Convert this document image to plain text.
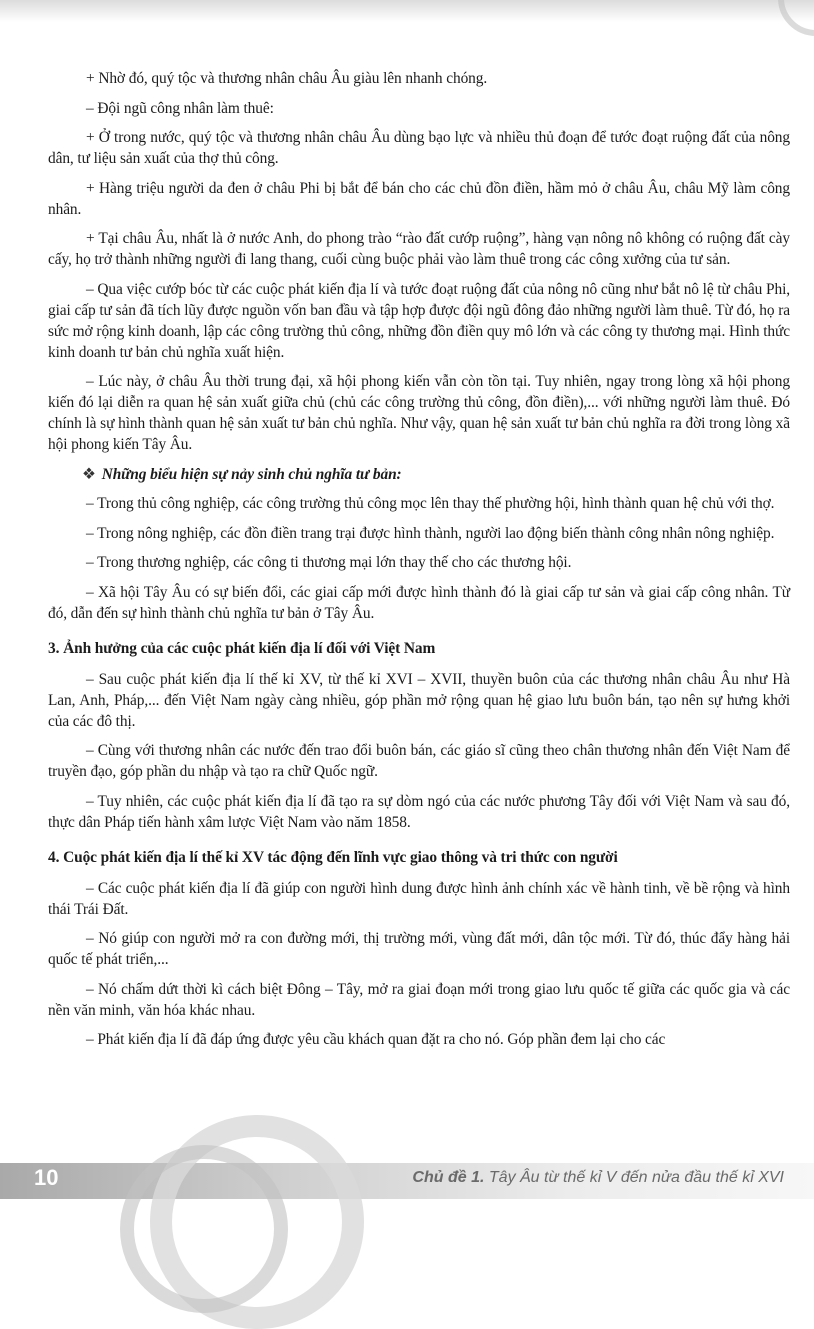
+ Nhờ đó, quý tộc và thương nhân châu Âu giàu lên nhanh chóng.

– Đội ngũ công nhân làm thuê:

+ Ở trong nước, quý tộc và thương nhân châu Âu dùng bạo lực và nhiều thủ đoạn để tước đoạt ruộng đất của nông dân, tư liệu sản xuất của thợ thủ công.

+ Hàng triệu người da đen ở châu Phi bị bắt để bán cho các chủ đồn điền, hầm mỏ ở châu Âu, châu Mỹ làm công nhân.

+ Tại châu Âu, nhất là ở nước Anh, do phong trào “rào đất cướp ruộng”, hàng vạn nông nô không có ruộng đất cày cấy, họ trở thành những người đi lang thang, cuối cùng buộc phải vào làm thuê trong các công xưởng của tư sản.

– Qua việc cướp bóc từ các cuộc phát kiến địa lí và tước đoạt ruộng đất của nông nô cũng như bắt nô lệ từ châu Phi, giai cấp tư sản đã tích lũy được nguồn vốn ban đầu và tập hợp được đội ngũ đông đảo những người làm thuê. Từ đó, họ ra sức mở rộng kinh doanh, lập các công trường thủ công, những đồn điền quy mô lớn và các công ty thương mại. Hình thức kinh doanh tư bản chủ nghĩa xuất hiện.

– Lúc này, ở châu Âu thời trung đại, xã hội phong kiến vẫn còn tồn tại. Tuy nhiên, ngay trong lòng xã hội phong kiến đó lại diễn ra quan hệ sản xuất giữa chủ (chủ các công trường thủ công, đồn điền),... với những người làm thuê. Đó chính là sự hình thành quan hệ sản xuất tư bản chủ nghĩa. Như vậy, quan hệ sản xuất tư bản chủ nghĩa ra đời trong lòng xã hội phong kiến Tây Âu.

❖ Những biểu hiện sự nảy sinh chủ nghĩa tư bản:

– Trong thủ công nghiệp, các công trường thủ công mọc lên thay thế phường hội, hình thành quan hệ chủ với thợ.

– Trong nông nghiệp, các đồn điền trang trại được hình thành, người lao động biến thành công nhân nông nghiệp.

– Trong thương nghiệp, các công ti thương mại lớn thay thế cho các thương hội.

– Xã hội Tây Âu có sự biến đổi, các giai cấp mới được hình thành đó là giai cấp tư sản và giai cấp công nhân. Từ đó, dẫn đến sự hình thành chủ nghĩa tư bản ở Tây Âu.

3. Ảnh hưởng của các cuộc phát kiến địa lí đối với Việt Nam

– Sau cuộc phát kiến địa lí thế kỉ XV, từ thế kỉ XVI – XVII, thuyền buôn của các thương nhân châu Âu như Hà Lan, Anh, Pháp,... đến Việt Nam ngày càng nhiều, góp phần mở rộng quan hệ giao lưu buôn bán, tạo nên sự hưng khởi của các đô thị.

– Cùng với thương nhân các nước đến trao đổi buôn bán, các giáo sĩ cũng theo chân thương nhân đến Việt Nam để truyền đạo, góp phần du nhập và tạo ra chữ Quốc ngữ.

– Tuy nhiên, các cuộc phát kiến địa lí đã tạo ra sự dòm ngó của các nước phương Tây đối với Việt Nam và sau đó, thực dân Pháp tiến hành xâm lược Việt Nam vào năm 1858.

4. Cuộc phát kiến địa lí thế kỉ XV tác động đến lĩnh vực giao thông và tri thức con người

– Các cuộc phát kiến địa lí đã giúp con người hình dung được hình ảnh chính xác về hành tinh, về bề rộng và hình thái Trái Đất.

– Nó giúp con người mở ra con đường mới, thị trường mới, vùng đất mới, dân tộc mới. Từ đó, thúc đẩy hàng hải quốc tế phát triển,...

– Nó chấm dứt thời kì cách biệt Đông – Tây, mở ra giai đoạn mới trong giao lưu quốc tế giữa các quốc gia và các nền văn minh, văn hóa khác nhau.

– Phát kiến địa lí đã đáp ứng được yêu cầu khách quan đặt ra cho nó. Góp phần đem lại cho các

10	Chủ đề 1. Tây Âu từ thế kỉ V đến nửa đầu thế kỉ XVI
